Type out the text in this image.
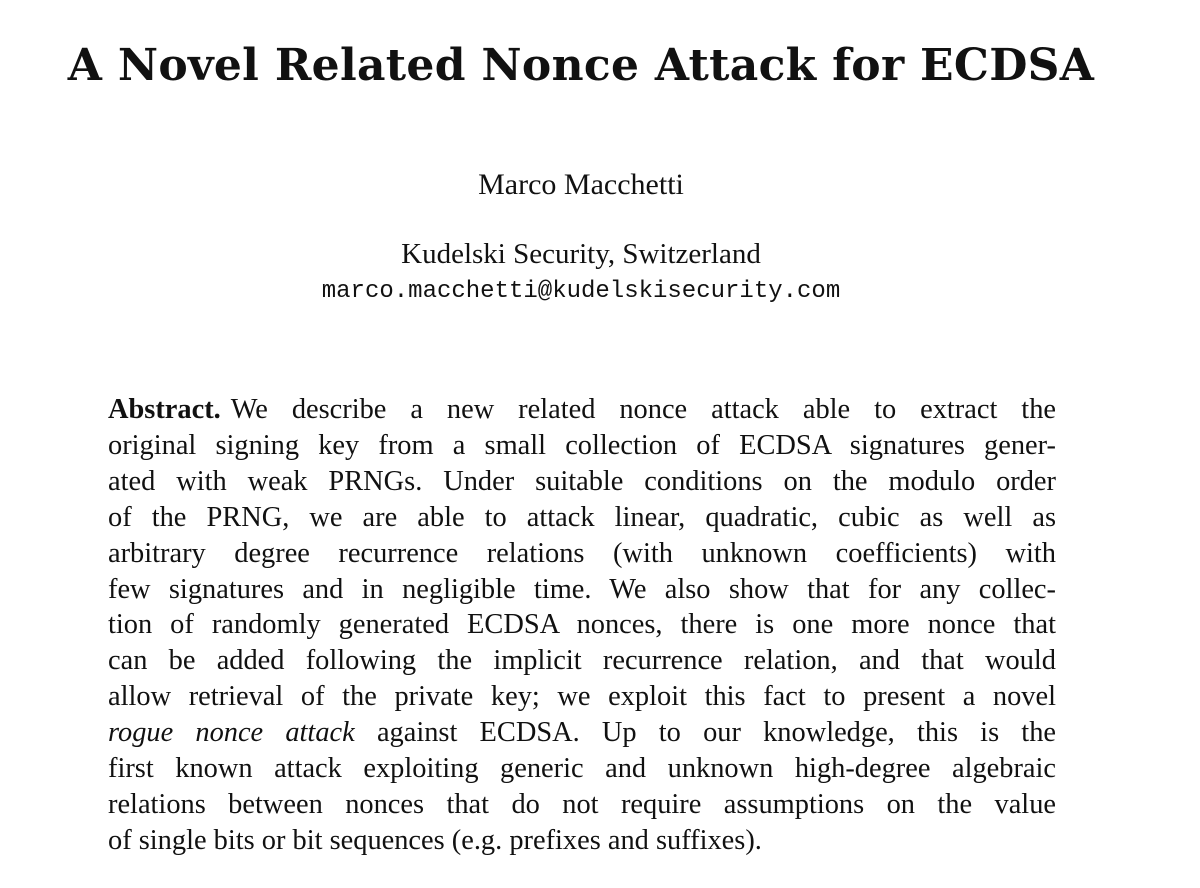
A Novel Related Nonce Attack for ECDSA
Marco Macchetti
Kudelski Security, Switzerland
marco.macchetti@kudelskisecurity.com
Abstract. We describe a new related nonce attack able to extract the
original signing key from a small collection of ECDSA signatures gener-
ated with weak PRNGs. Under suitable conditions on the modulo order
of the PRNG, we are able to attack linear, quadratic, cubic as well as
arbitrary degree recurrence relations (with unknown coefficients) with
few signatures and in negligible time. We also show that for any collec-
tion of randomly generated ECDSA nonces, there is one more nonce that
can be added following the implicit recurrence relation, and that would
allow retrieval of the private key; we exploit this fact to present a novel
rogue nonce attack against ECDSA. Up to our knowledge, this is the
first known attack exploiting generic and unknown high-degree algebraic
relations between nonces that do not require assumptions on the value
of single bits or bit sequences (e.g. prefixes and suffixes).
